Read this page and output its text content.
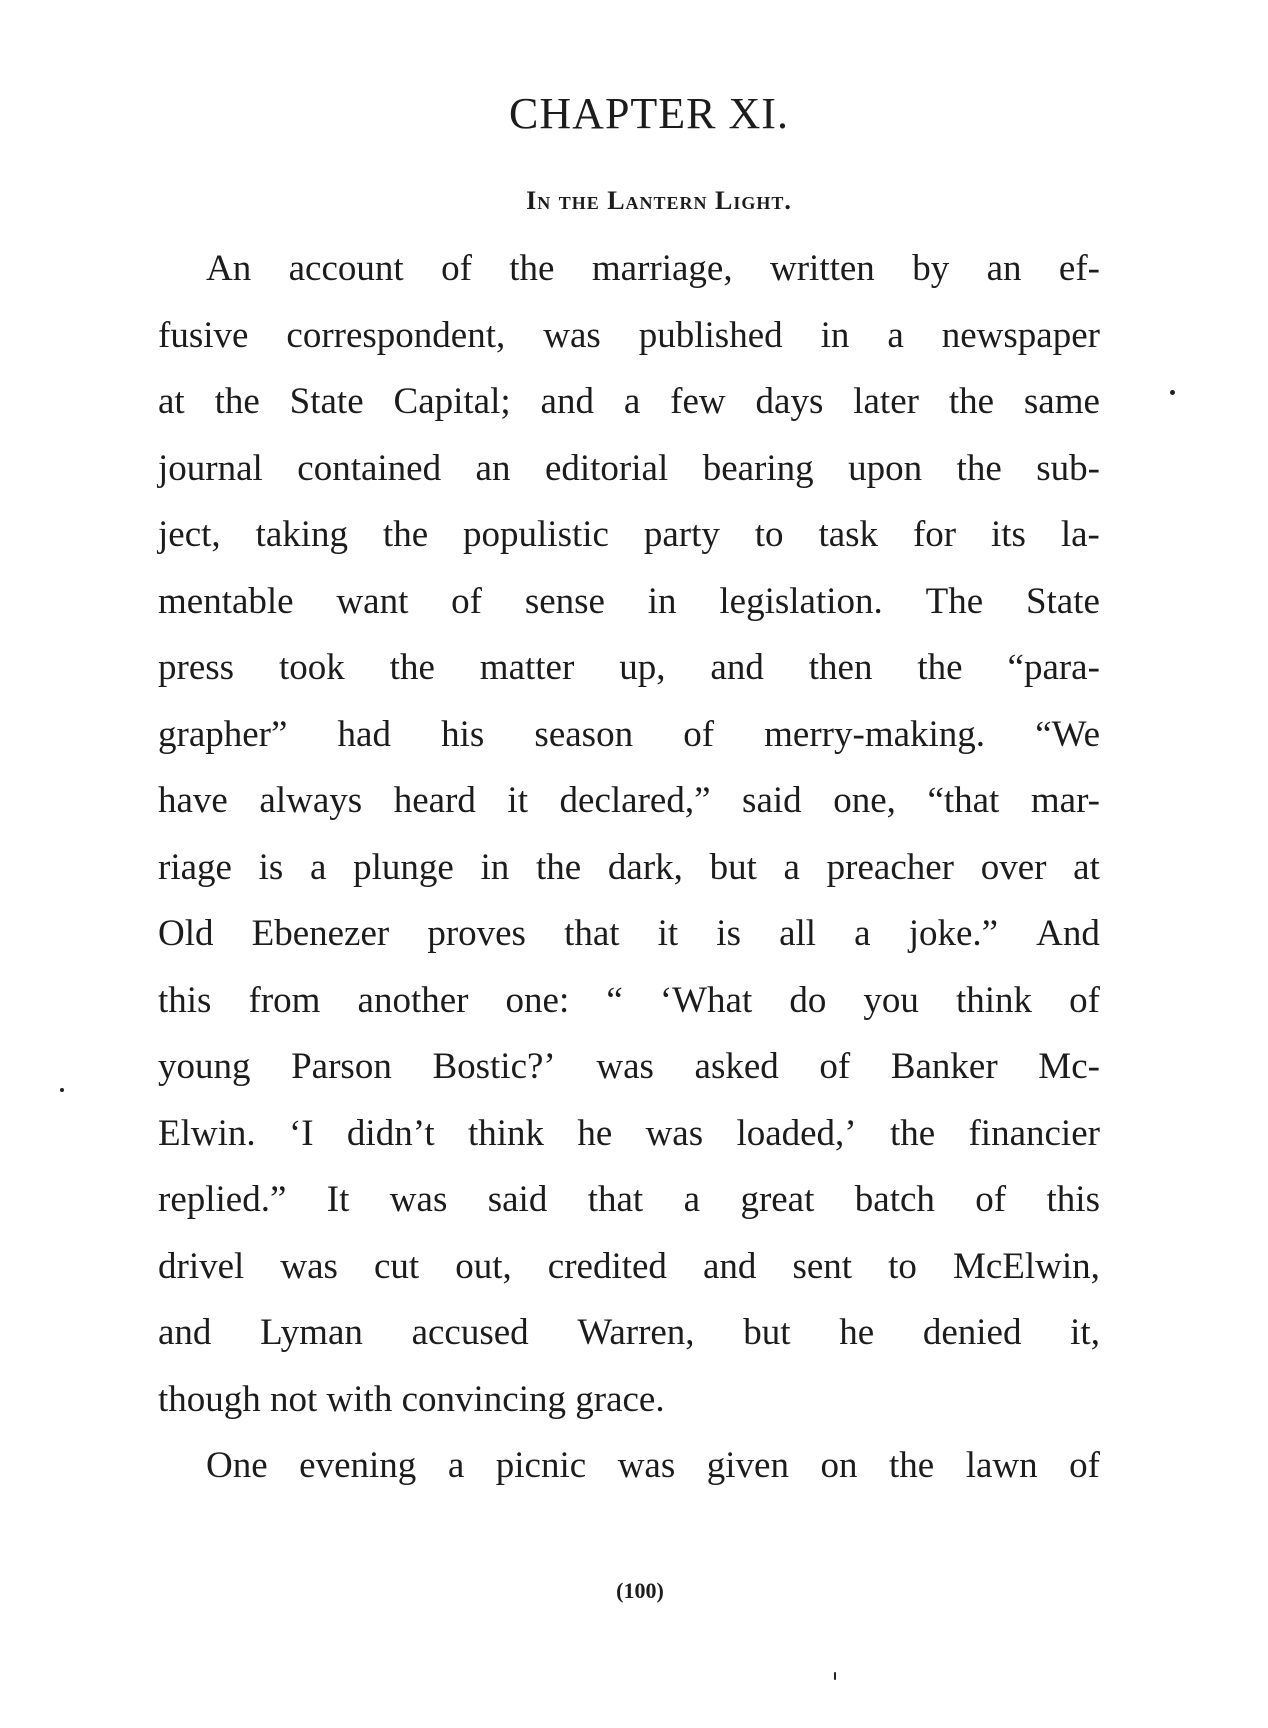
CHAPTER XI.
In the Lantern Light.
An account of the marriage, written by an ef-
fusive correspondent, was published in a newspaper
at the State Capital; and a few days later the same
journal contained an editorial bearing upon the sub-
ject, taking the populistic party to task for its la-
mentable want of sense in legislation. The State
press took the matter up, and then the “para-
grapher” had his season of merry-making. “We
have always heard it declared,” said one, “that mar-
riage is a plunge in the dark, but a preacher over at
Old Ebenezer proves that it is all a joke.” And
this from another one: “ ‘What do you think of
young Parson Bostic?’ was asked of Banker Mc-
Elwin. ‘I didn’t think he was loaded,’ the financier
replied.” It was said that a great batch of this
drivel was cut out, credited and sent to McElwin,
and Lyman accused Warren, but he denied it,
though not with convincing grace.
One evening a picnic was given on the lawn of
(100)
